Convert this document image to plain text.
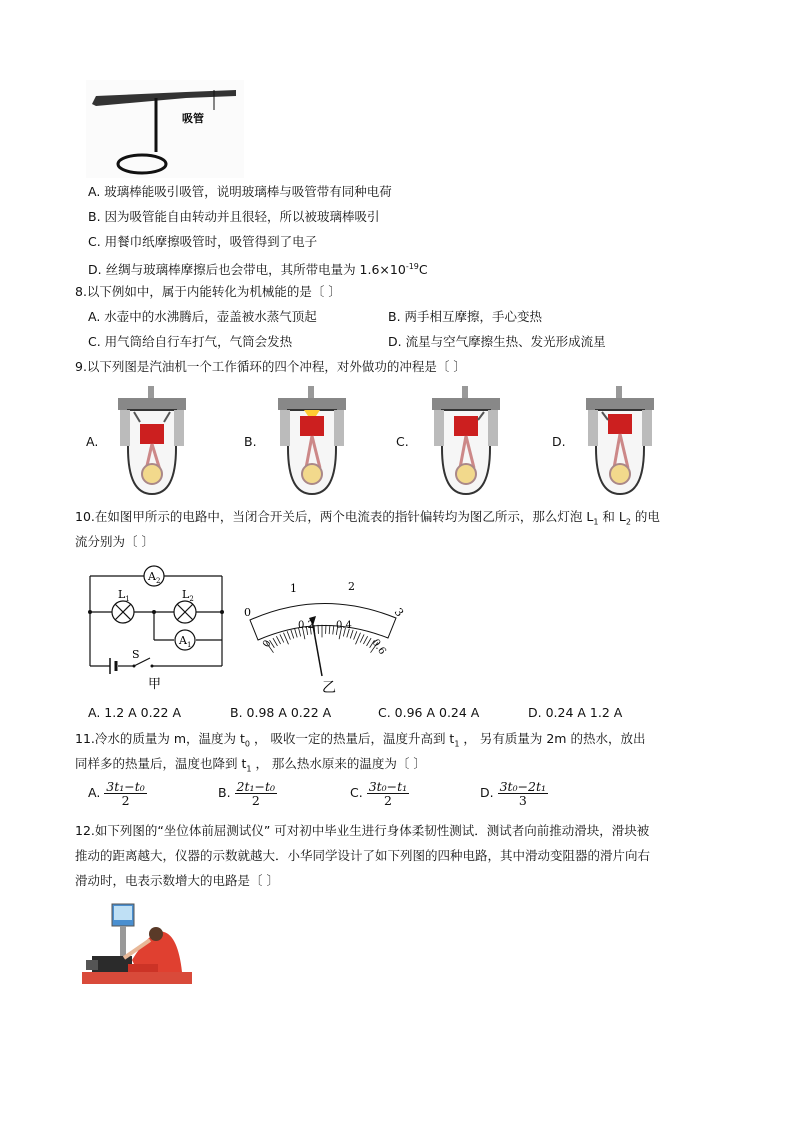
吸管
A. 玻璃棒能吸引吸管，说明玻璃棒与吸管带有同种电荷
B. 因为吸管能自由转动并且很轻，所以被玻璃棒吸引
C. 用餐巾纸摩擦吸管时，吸管得到了电子
D. 丝绸与玻璃棒摩擦后也会带电，其所带电量为 $1.6\times 10^{-19}C$
8.以下例如中，属于内能转化为机械能的是〔 〕
A. 水壶中的水沸腾后，壶盖被水蒸气顶起	B. 两手相互摩擦，手心变热
C. 用气筒给自行车打气，气筒会发热	D. 流星与空气摩擦生热、发光形成流星
9.以下列图是汽油机一个工作循环的四个冲程，对外做功的冲程是〔 〕
A.	B.	C.	D.
10.在如图甲所示的电路中，当闭合开关后，两个电流表的指针偏转均为图乙所示，那么灯泡 $L_1$ 和 $L_2$ 的电
流分别为〔 〕
$A_2$
$A_1$
$L_1$	$L_2$
S
甲
1	2
3
0
0
0.2 0.4
0.6
乙
A. 1.2 A 0.22 A	B. 0.98 A 0.22 A	C. 0.96 A 0.24 A	D. 0.24 A 1.2 A
11.冷水的质量为 m，温度为 $t_0$ ， 吸收一定的热量后，温度升高到 $t_1$ ， 另有质量为 2m 的热水，放出
同样多的热量后，温度也降到 $t_1$ ， 那么热水原来的温度为〔 〕
A. $\frac{\text{3t₁−t₀}}{2}$	B. $\frac{\text{2t₁−t₀}}{2}$	C. $\frac{\text{3t₀−t₁}}{2}$	D. $\frac{\text{3t₀−2t₁}}{3}$
12.如下列图的“坐位体前屈测试仪” 可对初中毕业生进行身体柔韧性测试．测试者向前推动滑块，滑块被
推动的距离越大，仪器的示数就越大．小华同学设计了如下列图的四种电路，其中滑动变阻器的滑片向右
滑动时，电表示数增大的电路是〔 〕
